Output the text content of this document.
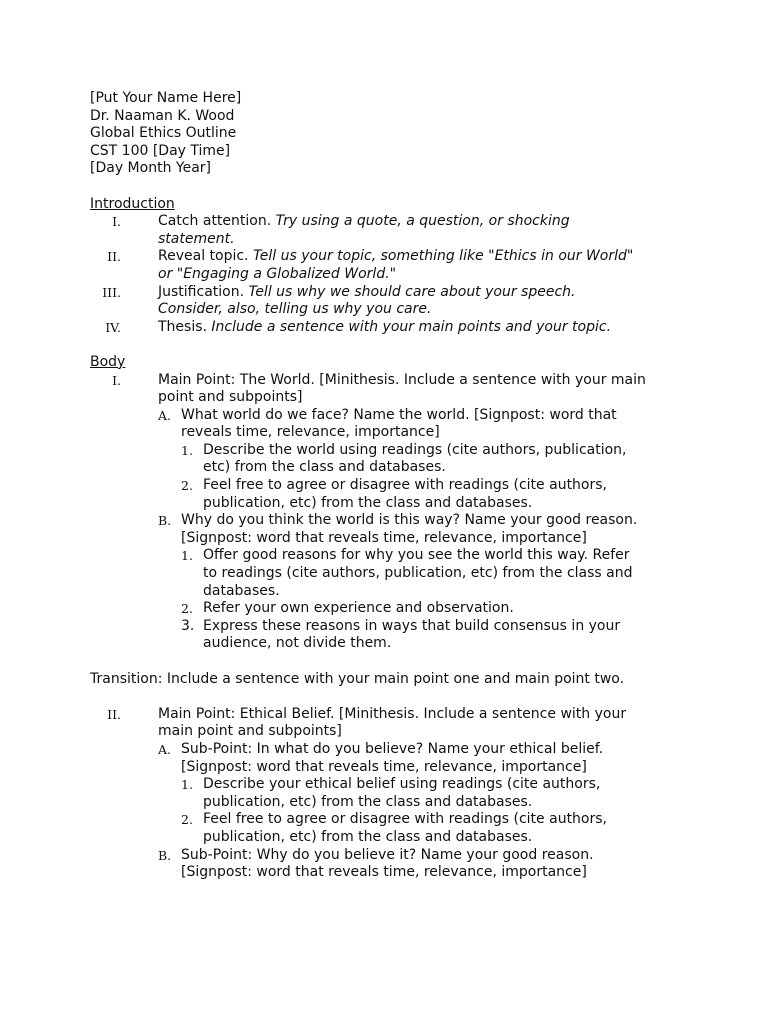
[Put Your Name Here]
Dr. Naaman K. Wood
Global Ethics Outline
CST 100 [Day Time]
[Day Month Year]
Introduction
I.	Catch attention. Try using a quote, a question, or shocking
statement.
II.	Reveal topic. Tell us your topic, something like "Ethics in our World"
or "Engaging a Globalized World."
III.	Justification. Tell us why we should care about your speech.
Consider, also, telling us why you care.
IV.	Thesis. Include a sentence with your main points and your topic.
Body
I.	Main Point: The World. [Minithesis. Include a sentence with your main
point and subpoints]
A. What world do we face? Name the world. [Signpost: word that
reveals time, relevance, importance]
1. Describe the world using readings (cite authors, publication,
etc) from the class and databases.
2. Feel free to agree or disagree with readings (cite authors,
publication, etc) from the class and databases.
B. Why do you think the world is this way? Name your good reason.
[Signpost: word that reveals time, relevance, importance]
1. Offer good reasons for why you see the world this way. Refer
to readings (cite authors, publication, etc) from the class and
databases.
2. Refer your own experience and observation.
3. Express these reasons in ways that build consensus in your
audience, not divide them.
Transition: Include a sentence with your main point one and main point two.
II.	Main Point: Ethical Belief. [Minithesis. Include a sentence with your
main point and subpoints]
A. Sub-Point: In what do you believe? Name your ethical belief.
[Signpost: word that reveals time, relevance, importance]
1. Describe your ethical belief using readings (cite authors,
publication, etc) from the class and databases.
2. Feel free to agree or disagree with readings (cite authors,
publication, etc) from the class and databases.
B. Sub-Point: Why do you believe it? Name your good reason.
[Signpost: word that reveals time, relevance, importance]
